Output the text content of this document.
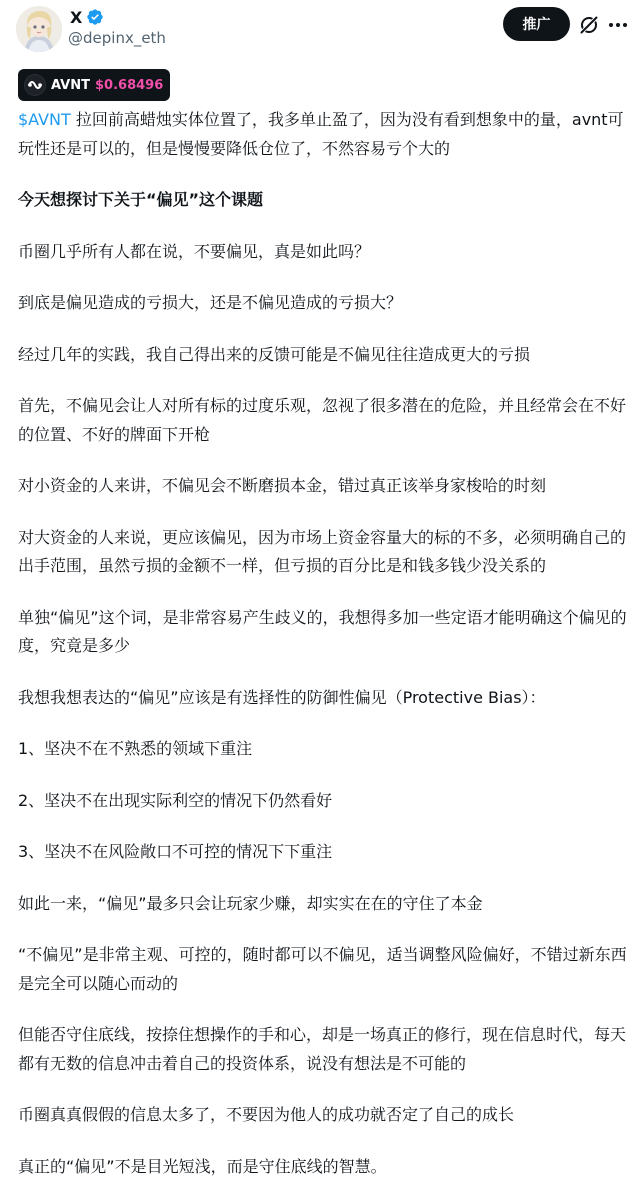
X
@depinx_eth
推广
AVNT $0.68496

$AVNT 拉回前高蜡烛实体位置了，我多单止盈了，因为没有看到想象中的量，avnt可玩性还是可以的，但是慢慢要降低仓位了，不然容易亏个大的

今天想探讨下关于“偏见”这个课题

币圈几乎所有人都在说，不要偏见，真是如此吗？

到底是偏见造成的亏损大，还是不偏见造成的亏损大？

经过几年的实践，我自己得出来的反馈可能是不偏见往往造成更大的亏损

首先，不偏见会让人对所有标的过度乐观，忽视了很多潜在的危险，并且经常会在不好的位置、不好的牌面下开枪

对小资金的人来讲，不偏见会不断磨损本金，错过真正该举身家梭哈的时刻

对大资金的人来说，更应该偏见，因为市场上资金容量大的标的不多，必须明确自己的出手范围，虽然亏损的金额不一样，但亏损的百分比是和钱多钱少没关系的

单独“偏见”这个词，是非常容易产生歧义的，我想得多加一些定语才能明确这个偏见的度，究竟是多少

我想我想表达的“偏见”应该是有选择性的防御性偏见（Protective Bias）：

1、坚决不在不熟悉的领域下重注

2、坚决不在出现实际利空的情况下仍然看好

3、坚决不在风险敞口不可控的情况下下重注

如此一来，“偏见”最多只会让玩家少赚，却实实在在的守住了本金

“不偏见”是非常主观、可控的，随时都可以不偏见，适当调整风险偏好，不错过新东西是完全可以随心而动的

但能否守住底线，按捺住想操作的手和心，却是一场真正的修行，现在信息时代，每天都有无数的信息冲击着自己的投资体系，说没有想法是不可能的

币圈真真假假的信息太多了，不要因为他人的成功就否定了自己的成长

真正的“偏见”不是目光短浅，而是守住底线的智慧。
